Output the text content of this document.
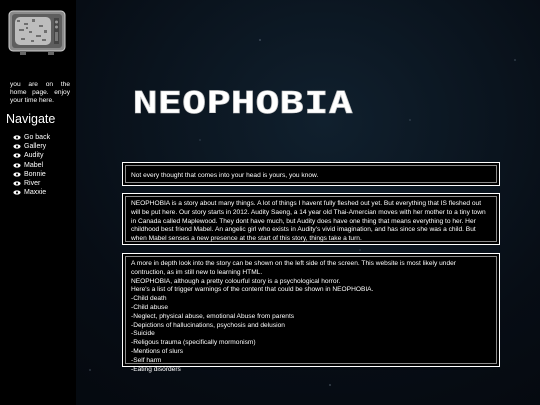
you are on the home page. enjoy your time here.
Navigate
Go back
Gallery
Audity
Mabel
Bonnie
River
Maxxie
NEOPHOBIA
Not every thought that comes into your head is yours, you know.
NEOPHOBIA is a story about many things. A lot of things I havent fully fleshed out yet. But everything that IS fleshed out
will be put here. Our story starts in 2012. Audity Saeng, a 14 year old Thai-Amercian moves with her mother to a tiny town
in Canada called Maplewood. They dont have much, but Audity does have one thing that means everything to her. Her
childhood best friend Mabel. An angelic girl who exists in Audity's vivid imagination, and has since she was a child. But
when Mabel senses a new presence at the start of this story, things take a turn.
A more in depth look into the story can be shown on the left side of the screen. This website is most likely under
contruction, as im still new to learning HTML.
NEOPHOBIA, although a pretty colourful story is a psychological horror.
Here's a list of trigger warnings of the content that could be shown in NEOPHOBIA.
-Child death
-Child abuse
-Neglect, physical abuse, emotional Abuse from parents
-Depictions of hallucinations, psychosis and delusion
-Suicide
-Religous trauma (specifically mormonism)
-Mentions of slurs
-Self harm
-Eating disorders
